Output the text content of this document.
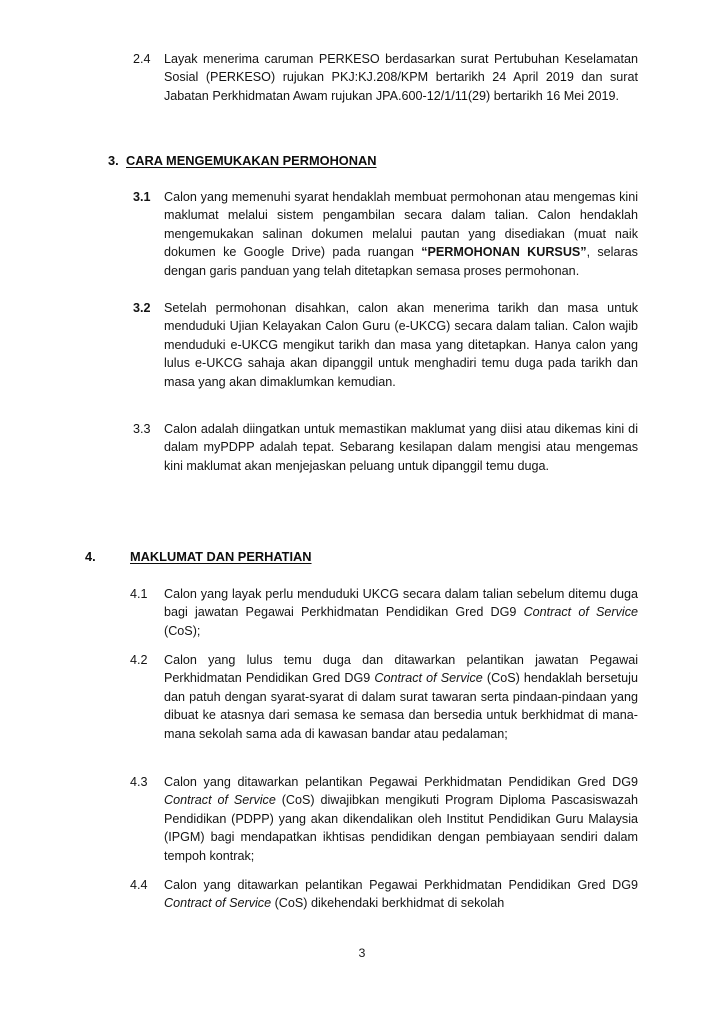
2.4	Layak menerima caruman PERKESO berdasarkan surat Pertubuhan Keselamatan Sosial (PERKESO) rujukan PKJ:KJ.208/KPM bertarikh 24 April 2019 dan surat Jabatan Perkhidmatan Awam rujukan JPA.600-12/1/11(29) bertarikh 16 Mei 2019.
3. CARA MENGEMUKAKAN PERMOHONAN
3.1	Calon yang memenuhi syarat hendaklah membuat permohonan atau mengemas kini maklumat melalui sistem pengambilan secara dalam talian. Calon hendaklah mengemukakan salinan dokumen melalui pautan yang disediakan (muat naik dokumen ke Google Drive) pada ruangan “PERMOHONAN KURSUS”, selaras dengan garis panduan yang telah ditetapkan semasa proses permohonan.
3.2	Setelah permohonan disahkan, calon akan menerima tarikh dan masa untuk menduduki Ujian Kelayakan Calon Guru (e-UKCG) secara dalam talian. Calon wajib menduduki e-UKCG mengikut tarikh dan masa yang ditetapkan. Hanya calon yang lulus e-UKCG sahaja akan dipanggil untuk menghadiri temu duga pada tarikh dan masa yang akan dimaklumkan kemudian.
3.3	Calon adalah diingatkan untuk memastikan maklumat yang diisi atau dikemas kini di dalam myPDPP adalah tepat. Sebarang kesilapan dalam mengisi atau mengemas kini maklumat akan menjejaskan peluang untuk dipanggil temu duga.
4.	MAKLUMAT DAN PERHATIAN
4.1	Calon yang layak perlu menduduki UKCG secara dalam talian sebelum ditemu duga bagi jawatan Pegawai Perkhidmatan Pendidikan Gred DG9 Contract of Service (CoS);
4.2	Calon yang lulus temu duga dan ditawarkan pelantikan jawatan Pegawai Perkhidmatan Pendidikan Gred DG9 Contract of Service (CoS) hendaklah bersetuju dan patuh dengan syarat-syarat di dalam surat tawaran serta pindaan-pindaan yang dibuat ke atasnya dari semasa ke semasa dan bersedia untuk berkhidmat di mana-mana sekolah sama ada di kawasan bandar atau pedalaman;
4.3	Calon yang ditawarkan pelantikan Pegawai Perkhidmatan Pendidikan Gred DG9 Contract of Service (CoS) diwajibkan mengikuti Program Diploma Pascasiswazah Pendidikan (PDPP) yang akan dikendalikan oleh Institut Pendidikan Guru Malaysia (IPGM) bagi mendapatkan ikhtisas pendidikan dengan pembiayaan sendiri dalam tempoh kontrak;
4.4	Calon yang ditawarkan pelantikan Pegawai Perkhidmatan Pendidikan Gred DG9 Contract of Service (CoS) dikehendaki berkhidmat di sekolah
3
